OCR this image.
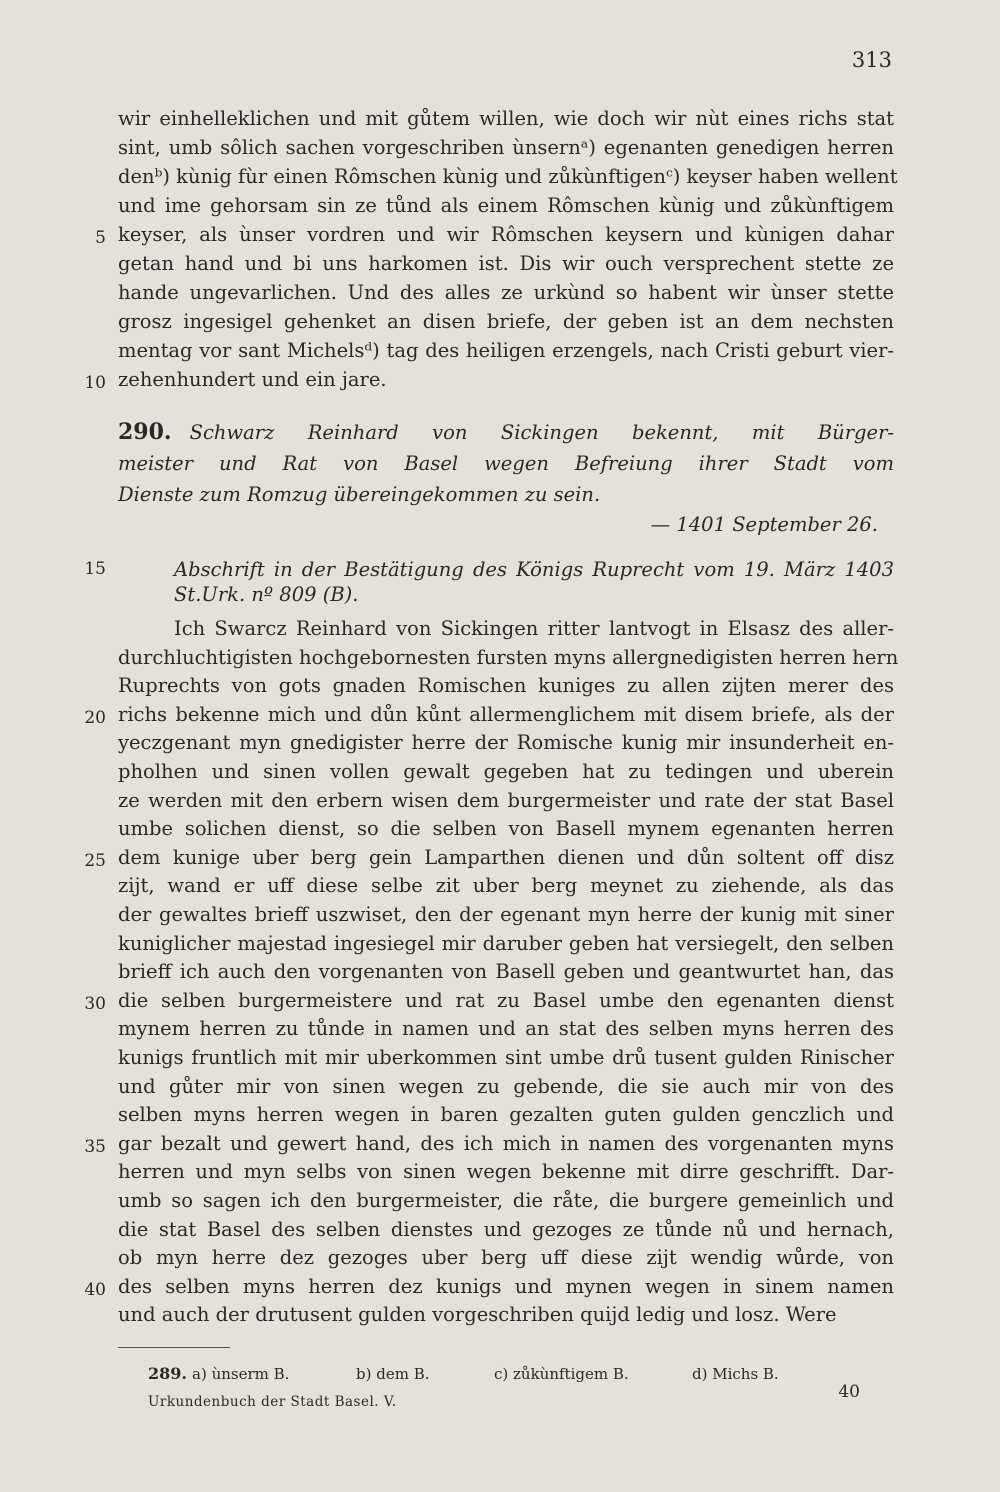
313
wir einhelleklichen und mit gůtem willen, wie doch wir nùt eines richs stat
sint, umb sôlich sachen vorgeschriben ùnsernᵃ) egenanten genedigen herren
denᵇ) kùnig fùr einen Rômschen kùnig und zůkùnftigenᶜ) keyser haben wellent
und ime gehorsam sin ze tůnd als einem Rômschen kùnig und zůkùnftigem
keyser, als ùnser vordren und wir Rômschen keysern und kùnigen dahar
5
getan hand und bi uns harkomen ist. Dis wir ouch versprechent stette ze
hande ungevarlichen. Und des alles ze urkùnd so habent wir ùnser stette
grosz ingesigel gehenket an disen briefe, der geben ist an dem nechsten
mentag vor sant Michelsᵈ) tag des heiligen erzengels, nach Cristi geburt vier-
zehenhundert und ein jare.
10
290. Schwarz Reinhard von Sickingen bekennt, mit Bürger-
meister und Rat von Basel wegen Befreiung ihrer Stadt vom
Dienste zum Romzug übereingekommen zu sein.
— 1401 September 26.
15	Abschrift in der Bestätigung des Königs Ruprecht vom 19. März 1403
St.Urk. nº 809 (B).
Ich Swarcz Reinhard von Sickingen ritter lantvogt in Elsasz des aller-
durchluchtigisten hochgebornesten fursten myns allergnedigisten herren hern
Ruprechts von gots gnaden Romischen kuniges zu allen zijten merer des
richs bekenne mich und důn kůnt allermenglichem mit disem briefe, als der
20
yeczgenant myn gnedigister herre der Romische kunig mir insunderheit en-
pholhen und sinen vollen gewalt gegeben hat zu tedingen und uberein
ze werden mit den erbern wisen dem burgermeister und rate der stat Basel
umbe solichen dienst, so die selben von Basell mynem egenanten herren
dem kunige uber berg gein Lamparthen dienen und důn soltent off disz
25
zijt, wand er uff diese selbe zit uber berg meynet zu ziehende, als das
der gewaltes brieff uszwiset, den der egenant myn herre der kunig mit siner
kuniglicher majestad ingesiegel mir daruber geben hat versiegelt, den selben
brieff ich auch den vorgenanten von Basell geben und geantwurtet han, das
die selben burgermeistere und rat zu Basel umbe den egenanten dienst
30
mynem herren zu tůnde in namen und an stat des selben myns herren des
kunigs fruntlich mit mir uberkommen sint umbe drů tusent gulden Rinischer
und gůter mir von sinen wegen zu gebende, die sie auch mir von des
selben myns herren wegen in baren gezalten guten gulden genczlich und
gar bezalt und gewert hand, des ich mich in namen des vorgenanten myns
35
herren und myn selbs von sinen wegen bekenne mit dirre geschrifft. Dar-
umb so sagen ich den burgermeister, die råte, die burgere gemeinlich und
die stat Basel des selben dienstes und gezoges ze tůnde nů und hernach,
ob myn herre dez gezoges uber berg uff diese zijt wendig wůrde, von
des selben myns herren dez kunigs und mynen wegen in sinem namen
40
und auch der drutusent gulden vorgeschriben quijd ledig und losz. Were
289. a) ùnserm B.	b) dem B.	c) zůkùnftigem B.	d) Michs B.
40
Urkundenbuch der Stadt Basel. V.
